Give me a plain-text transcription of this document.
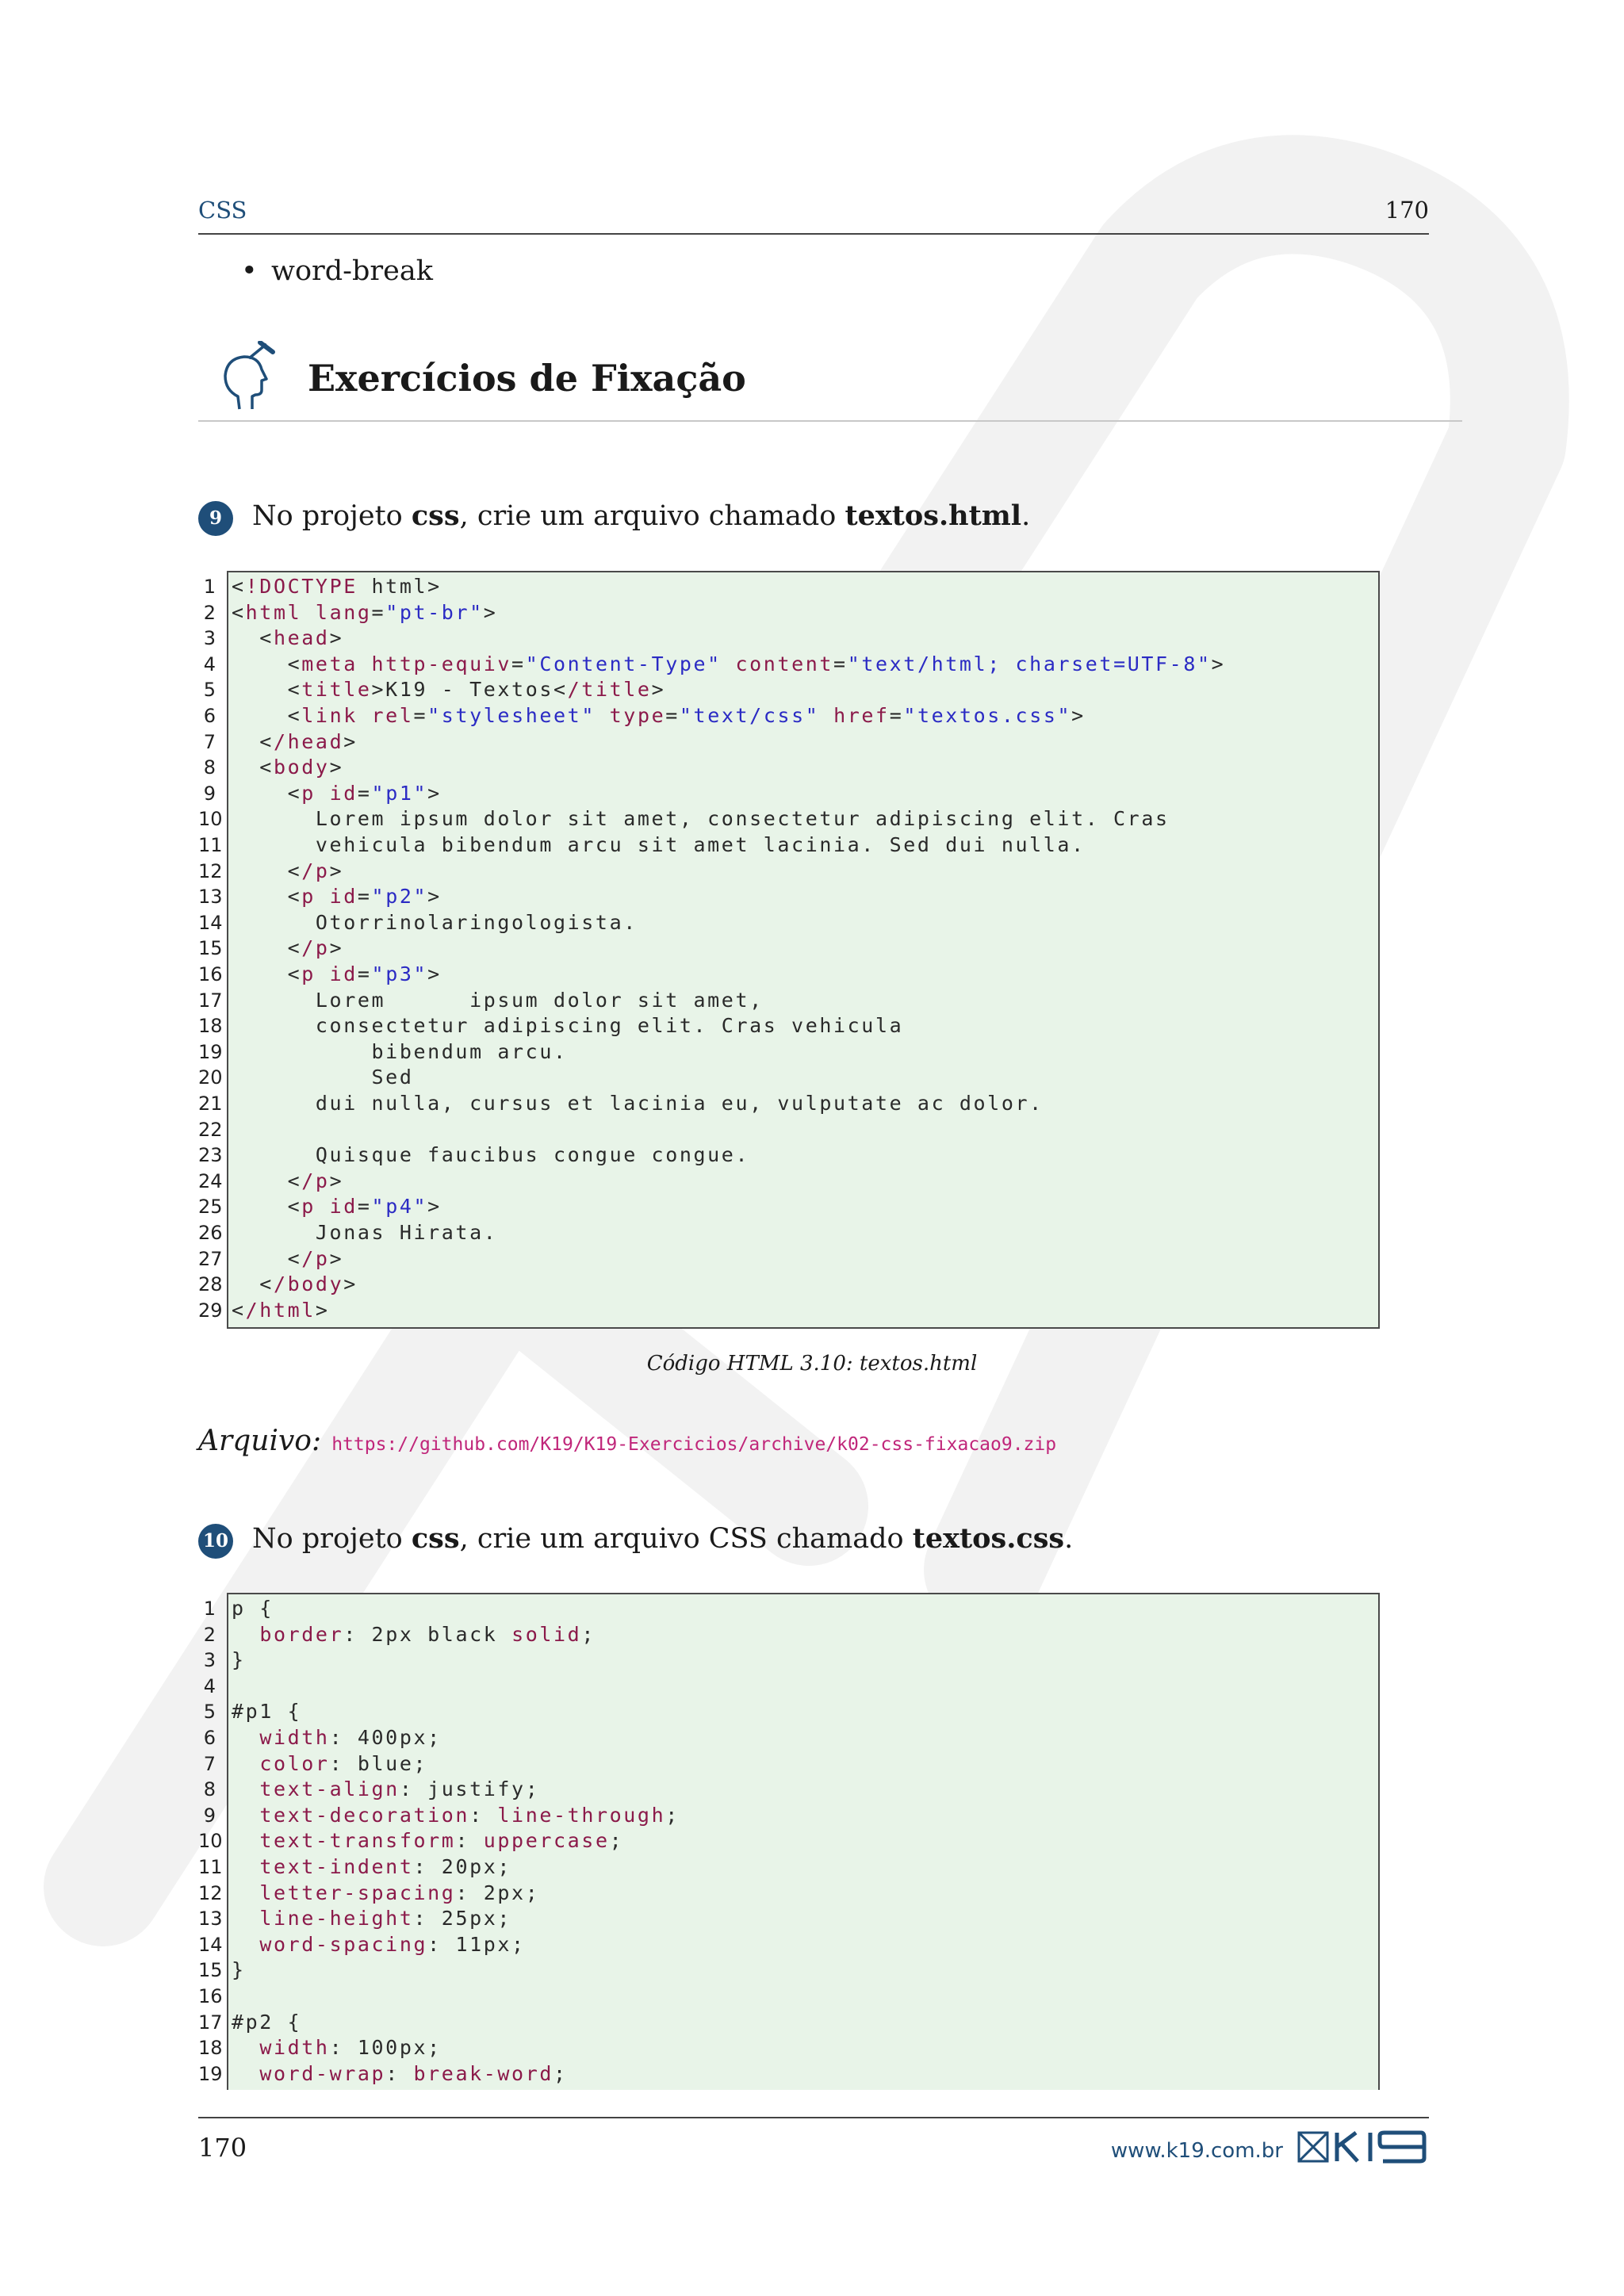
CSS	170
• word-break
Exercícios de Fixação
9	No projeto css, crie um arquivo chamado textos.html.
1 <!DOCTYPE html>
2 <html lang="pt-br">
3 <head>
4 <meta http-equiv="Content-Type" content="text/html; charset=UTF-8">
5 <title>K19 - Textos</title>
6 <link rel="stylesheet" type="text/css" href="textos.css">
7 </head>
8 <body>
9 <p id="p1">
10 Lorem ipsum dolor sit amet, consectetur adipiscing elit. Cras
11 vehicula bibendum arcu sit amet lacinia. Sed dui nulla.
12 </p>
13 <p id="p2">
14 Otorrinolaringologista.
15 </p>
16 <p id="p3">
17 Lorem      ipsum dolor sit amet,
18 consectetur adipiscing elit. Cras vehicula
19 bibendum arcu.
20 Sed
21 dui nulla, cursus et lacinia eu, vulputate ac dolor.
22
23 Quisque faucibus congue congue.
24 </p>
25 <p id="p4">
26 Jonas Hirata.
27 </p>
28 </body>
29 </html>
Código HTML 3.10: textos.html
Arquivo: https://github.com/K19/K19-Exercicios/archive/k02-css-fixacao9.zip
10 No projeto css, crie um arquivo CSS chamado textos.css.
1 p {
2	border: 2px black solid;
3 }
4
5 #p1 {
6	width: 400px;
7	color: blue;
8	text-align: justify;
9	text-decoration: line-through;
10	text-transform: uppercase;
11	text-indent: 20px;
12	letter-spacing: 2px;
13	line-height: 25px;
14	word-spacing: 11px;
15 }
16
17 #p2 {
18	width: 100px;
19	word-wrap: break-word;
170	www.k19.com.br
